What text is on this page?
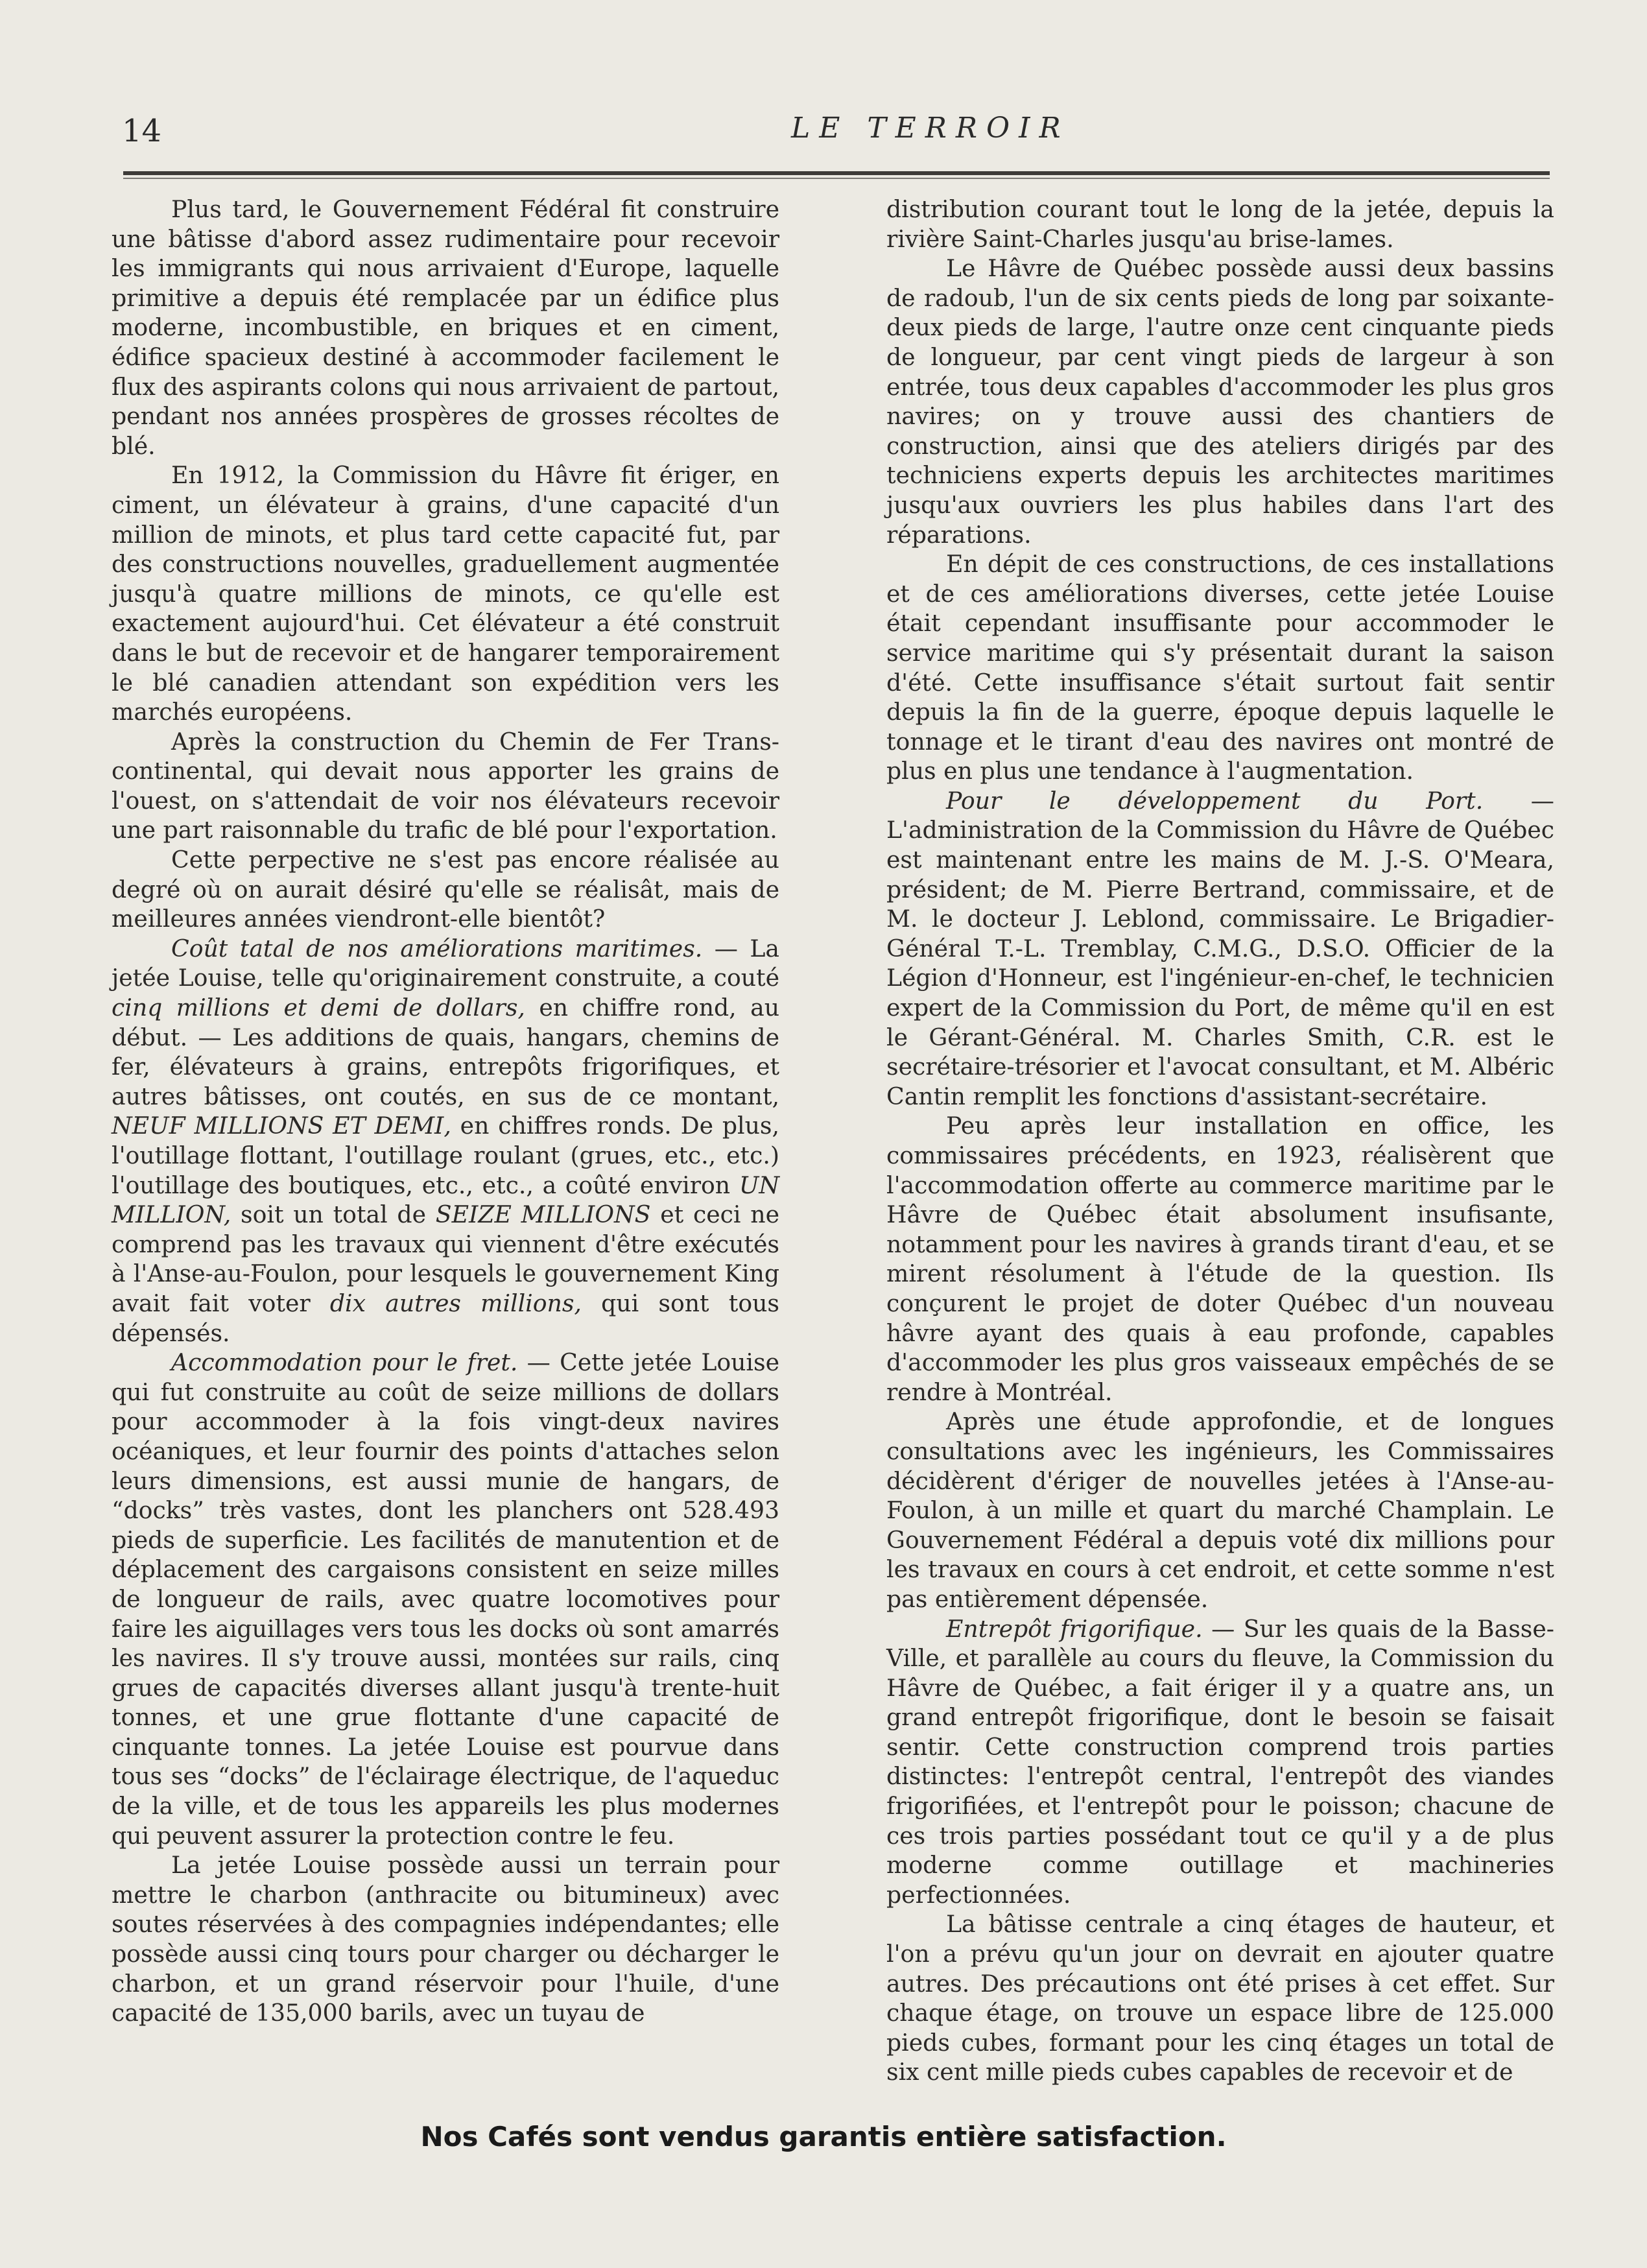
14	LE TERROIR

Plus tard, le Gouvernement Fédéral fit construire une bâtisse d'abord assez rudimentaire pour recevoir les immigrants qui nous arrivaient d'Europe, laquelle primitive a depuis été remplacée par un édifice plus moderne, incombustible, en briques et en ciment, édifice spacieux destiné à accommoder facilement le flux des aspirants colons qui nous arrivaient de partout, pendant nos années prospères de grosses récoltes de blé.

En 1912, la Commission du Hâvre fit ériger, en ciment, un élévateur à grains, d'une capacité d'un million de minots, et plus tard cette capacité fut, par des constructions nouvelles, graduellement augmentée jusqu'à quatre millions de minots, ce qu'elle est exactement aujourd'hui. Cet élévateur a été construit dans le but de recevoir et de hangarer temporairement le blé canadien attendant son expédition vers les marchés européens.

Après la construction du Chemin de Fer Trans-continental, qui devait nous apporter les grains de l'ouest, on s'attendait de voir nos élévateurs recevoir une part raisonnable du trafic de blé pour l'exportation.

Cette perpective ne s'est pas encore réalisée au degré où on aurait désiré qu'elle se réalisât, mais de meilleures années viendront-elle bientôt?

Coût tatal de nos améliorations maritimes. — La jetée Louise, telle qu'originairement construite, a couté cinq millions et demi de dollars, en chiffre rond, au début. — Les additions de quais, hangars, chemins de fer, élévateurs à grains, entrepôts frigorifiques, et autres bâtisses, ont coutés, en sus de ce montant, NEUF MILLIONS ET DEMI, en chiffres ronds. De plus, l'outillage flottant, l'outillage roulant (grues, etc., etc.) l'outillage des boutiques, etc., etc., a coûté environ UN MILLION, soit un total de SEIZE MILLIONS et ceci ne comprend pas les travaux qui viennent d'être exécutés à l'Anse-au-Foulon, pour lesquels le gouvernement King avait fait voter dix autres millions, qui sont tous dépensés.

Accommodation pour le fret. — Cette jetée Louise qui fut construite au coût de seize millions de dollars pour accommoder à la fois vingt-deux navires océaniques, et leur fournir des points d'attaches selon leurs dimensions, est aussi munie de hangars, de “docks” très vastes, dont les planchers ont 528.493 pieds de superficie. Les facilités de manutention et de déplacement des cargaisons consistent en seize milles de longueur de rails, avec quatre locomotives pour faire les aiguillages vers tous les docks où sont amarrés les navires. Il s'y trouve aussi, montées sur rails, cinq grues de capacités diverses allant jusqu'à trente-huit tonnes, et une grue flottante d'une capacité de cinquante tonnes. La jetée Louise est pourvue dans tous ses “docks” de l'éclairage électrique, de l'aqueduc de la ville, et de tous les appareils les plus modernes qui peuvent assurer la protection contre le feu.

La jetée Louise possède aussi un terrain pour mettre le charbon (anthracite ou bitumineux) avec soutes réservées à des compagnies indépendantes; elle possède aussi cinq tours pour charger ou décharger le charbon, et un grand réservoir pour l'huile, d'une capacité de 135,000 barils, avec un tuyau de

distribution courant tout le long de la jetée, depuis la rivière Saint-Charles jusqu'au brise-lames.

Le Hâvre de Québec possède aussi deux bassins de radoub, l'un de six cents pieds de long par soixante-deux pieds de large, l'autre onze cent cinquante pieds de longueur, par cent vingt pieds de largeur à son entrée, tous deux capables d'accommoder les plus gros navires; on y trouve aussi des chantiers de construction, ainsi que des ateliers dirigés par des techniciens experts depuis les architectes maritimes jusqu'aux ouvriers les plus habiles dans l'art des réparations.

En dépit de ces constructions, de ces installations et de ces améliorations diverses, cette jetée Louise était cependant insuffisante pour accommoder le service maritime qui s'y présentait durant la saison d'été. Cette insuffisance s'était surtout fait sentir depuis la fin de la guerre, époque depuis laquelle le tonnage et le tirant d'eau des navires ont montré de plus en plus une tendance à l'augmentation.

Pour le développement du Port. — L'administration de la Commission du Hâvre de Québec est maintenant entre les mains de M. J.-S. O'Meara, président; de M. Pierre Bertrand, commissaire, et de M. le docteur J. Leblond, commissaire. Le Brigadier-Général T.-L. Tremblay, C.M.G., D.S.O. Officier de la Légion d'Honneur, est l'ingénieur-en-chef, le technicien expert de la Commission du Port, de même qu'il en est le Gérant-Général. M. Charles Smith, C.R. est le secrétaire-trésorier et l'avocat consultant, et M. Albéric Cantin remplit les fonctions d'assistant-secrétaire.

Peu après leur installation en office, les commissaires précédents, en 1923, réalisèrent que l'accommodation offerte au commerce maritime par le Hâvre de Québec était absolument insufisante, notamment pour les navires à grands tirant d'eau, et se mirent résolument à l'étude de la question. Ils conçurent le projet de doter Québec d'un nouveau hâvre ayant des quais à eau profonde, capables d'accommoder les plus gros vaisseaux empêchés de se rendre à Montréal.

Après une étude approfondie, et de longues consultations avec les ingénieurs, les Commissaires décidèrent d'ériger de nouvelles jetées à l'Anse-au-Foulon, à un mille et quart du marché Champlain. Le Gouvernement Fédéral a depuis voté dix millions pour les travaux en cours à cet endroit, et cette somme n'est pas entièrement dépensée.

Entrepôt frigorifique. — Sur les quais de la Basse-Ville, et parallèle au cours du fleuve, la Commission du Hâvre de Québec, a fait ériger il y a quatre ans, un grand entrepôt frigorifique, dont le besoin se faisait sentir. Cette construction comprend trois parties distinctes: l'entrepôt central, l'entrepôt des viandes frigorifiées, et l'entrepôt pour le poisson; chacune de ces trois parties possédant tout ce qu'il y a de plus moderne comme outillage et machineries perfectionnées.

La bâtisse centrale a cinq étages de hauteur, et l'on a prévu qu'un jour on devrait en ajouter quatre autres. Des précautions ont été prises à cet effet. Sur chaque étage, on trouve un espace libre de 125.000 pieds cubes, formant pour les cinq étages un total de six cent mille pieds cubes capables de recevoir et de

Nos Cafés sont vendus garantis entière satisfaction.
